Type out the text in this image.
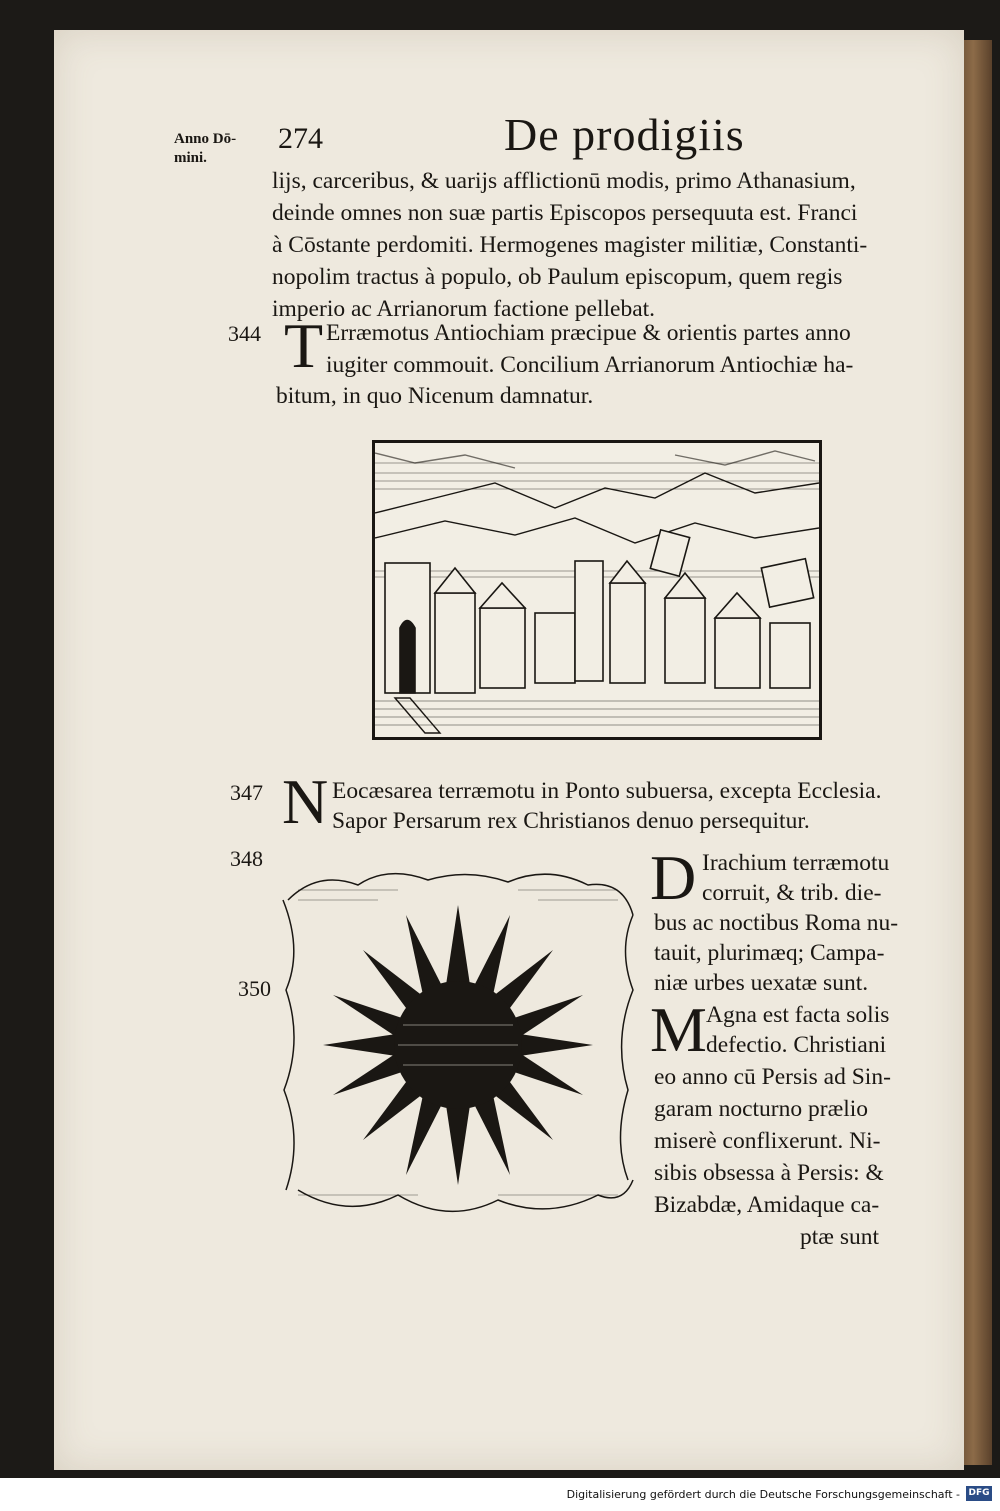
Anno Dō-
mini.
274	De prodigiis
lijs, carceribus, & uarijs afflictionū modis, primo Athanasium,
deinde omnes non suæ partis Episcopos persequuta est. Franci
à Cōstante perdomiti. Hermogenes magister militiæ, Constanti-
nopolim tractus à populo, ob Paulum episcopum, quem regis
imperio ac Arrianorum factione pellebat.
344 T Erræmotus Antiochiam præcipue & orientis partes anno
iugiter commouit. Concilium Arrianorum Antiochiæ ha-
bitum, in quo Nicenum damnatur.
347 N Eocæsarea terræmotu in Ponto subuersa, excepta Ecclesia.
Sapor Persarum rex Christianos denuo persequitur.
348
350
D Irachium terræmotu
corruit, & trib. die-
bus ac noctibus Roma nu-
tauit, plurimæq; Campa-
niæ urbes uexatæ sunt.
M Agna est facta solis
defectio. Christiani
eo anno cū Persis ad Sin-
garam nocturno prælio
miserè conflixerunt. Ni-
sibis obsessa à Persis: &
Bizabdæ, Amidaque ca-
ptæ sunt
Digitalisierung gefördert durch die Deutsche Forschungsgemeinschaft - DFG
